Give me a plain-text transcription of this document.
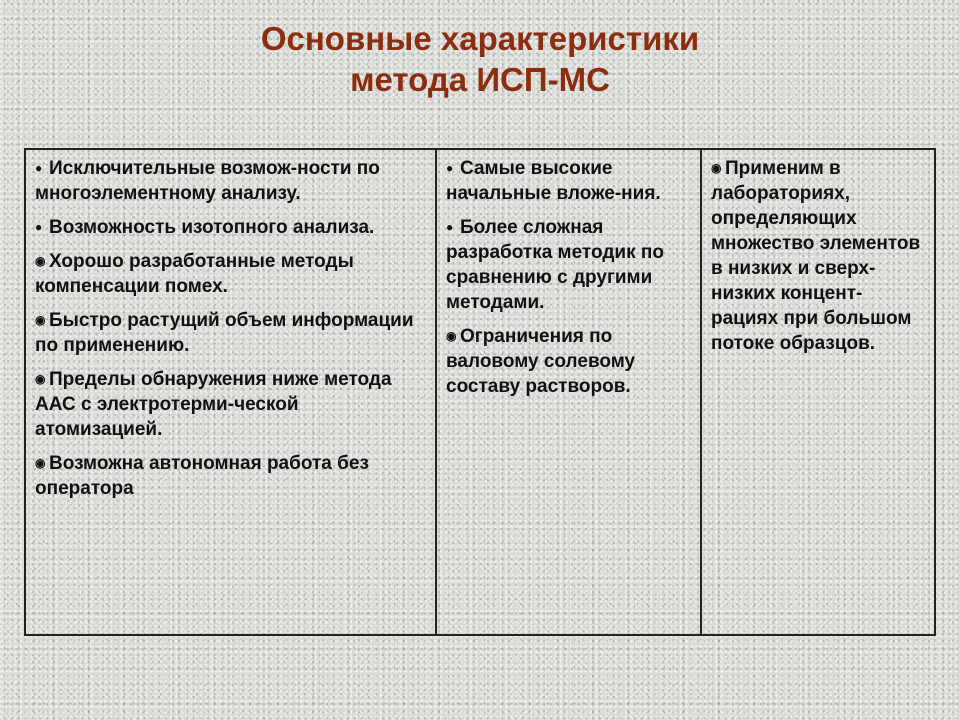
Основные характеристики
метода ИСП-МС
● Исключительные возмож-ности по многоэлементному анализу.
● Возможность изотопного анализа.
◉ Хорошо разработанные методы компенсации помех.
◉ Быстро растущий объем информации по применению.
◉ Пределы обнаружения ниже метода ААС с электротерми-ческой атомизацией.
◉ Возможна автономная работа без оператора
● Самые высокие начальные вложе-ния.
● Более сложная разработка методик по сравнению с другими методами.
◉ Ограничения по валовому солевому составу растворов.
◉ Применим в лабораториях, определяющих множество элементов в низких и сверх-низких концент-рациях при большом потоке образцов.
